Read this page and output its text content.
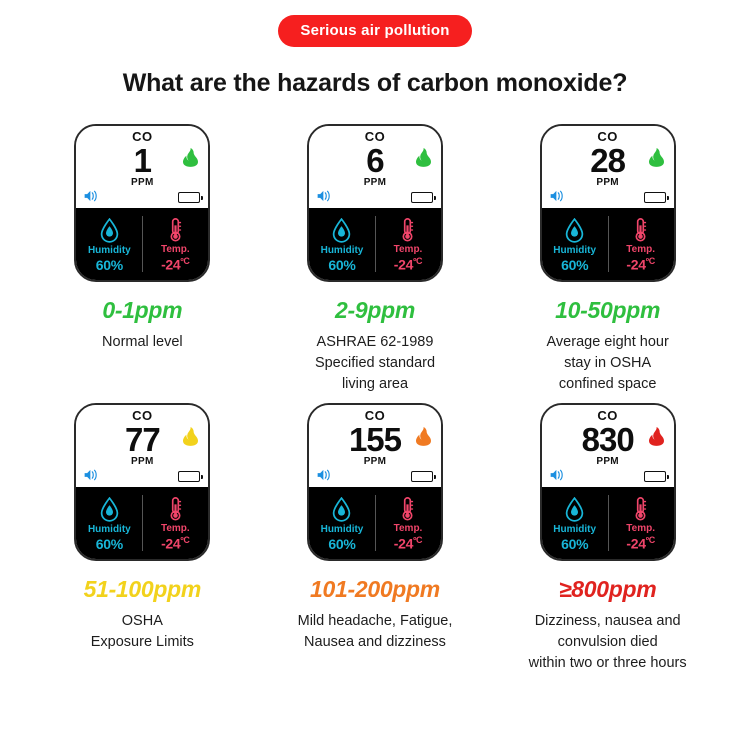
Serious air pollution
What are the hazards of carbon monoxide?
CO
1
PPM
Humidity
60%
Temp.
$-24^{ºC}$
0-1ppm
Normal level
CO
6
PPM
Humidity
60%
Temp.
$-24^{ºC}$
2-9ppm
ASHRAE 62-1989
Specified standard
living area
CO
28
PPM
Humidity
60%
Temp.
$-24^{ºC}$
10-50ppm
Average eight hour
stay in OSHA
confined space
CO
77
PPM
Humidity
60%
Temp.
$-24^{ºC}$
51-100ppm
OSHA
Exposure Limits
CO
155
PPM
Humidity
60%
Temp.
$-24^{ºC}$
101-200ppm
Mild headache, Fatigue,
Nausea and dizziness
CO
830
PPM
Humidity
60%
Temp.
$-24^{ºC}$
≥800ppm
Dizziness, nausea and
convulsion died
within two or three hours
